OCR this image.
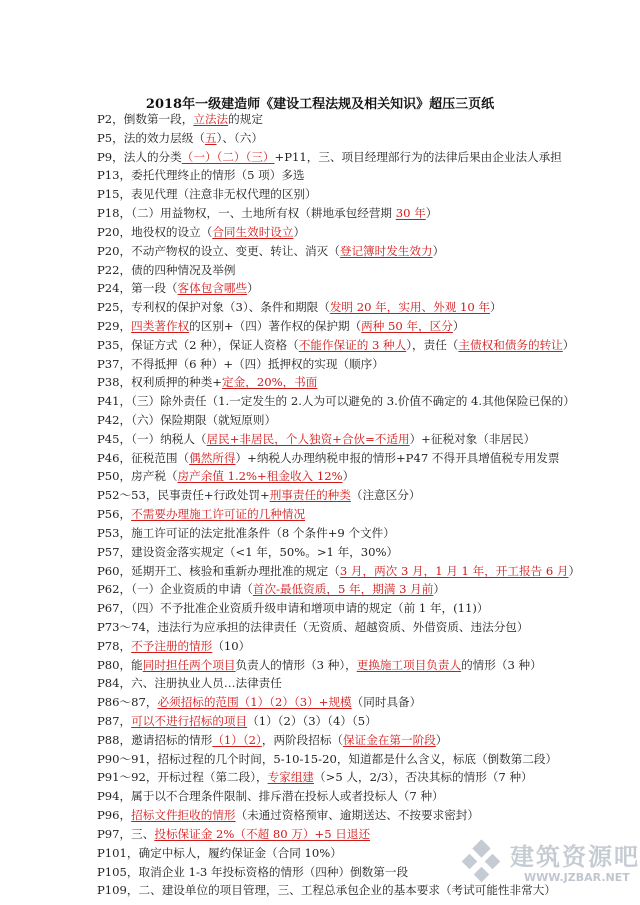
2018年一级建造师《建设工程法规及相关知识》超压三页纸
P2，倒数第一段，立法法的规定
P5，法的效力层级（五）、（六）
P9，法人的分类（一）（二）（三）+P11，三、项目经理部行为的法律后果由企业法人承担
P13，委托代理终止的情形（5 项）多选
P15，表见代理（注意非无权代理的区别）
P18，（二）用益物权，一、土地所有权（耕地承包经营期 30 年）
P20，地役权的设立（合同生效时设立）
P20，不动产物权的设立、变更、转让、消灭（登记簿时发生效力）
P22，债的四种情况及举例
P24，第一段（客体包含哪些）
P25，专利权的保护对象（3）、条件和期限（发明 20 年，实用、外观 10 年）
P29，四类著作权的区别+（四）著作权的保护期（两种 50 年，区分）
P35，保证方式（2 种），保证人资格（不能作保证的 3 种人），责任（主债权和债务的转让）
P37，不得抵押（6 种）+（四）抵押权的实现（顺序）
P38，权利质押的种类+定金，20%，书面
P41，（三）除外责任（1.一定发生的 2.人为可以避免的 3.价值不确定的 4.其他保险已保的）
P42，（六）保险期限（就短原则）
P45，（一）纳税人（居民+非居民，个人独资+合伙=不适用）+征税对象（非居民）
P46，征税范围（偶然所得）+纳税人办理纳税申报的情形+P47 不得开具增值税专用发票
P50，房产税（房产余值 1.2%+租金收入 12%）
P52～53，民事责任+行政处罚+刑事责任的种类（注意区分）
P56，不需要办理施工许可证的几种情况
P53，施工许可证的法定批准条件（8 个条件+9 个文件）
P57，建设资金落实规定（<1 年，50%。>1 年，30%）
P60，延期开工、核验和重新办理批准的规定（3 月，两次 3 月，1 月 1 年，开工报告 6 月）
P62，（一）企业资质的申请（首次-最低资质，5 年，期满 3 月前）
P67，（四）不予批准企业资质升级申请和增项申请的规定（前 1 年，(11)）
P73～74，违法行为应承担的法律责任（无资质、超越资质、外借资质、违法分包）
P78，不予注册的情形（10）
P80，能同时担任两个项目负责人的情形（3 种），更换施工项目负责人的情形（3 种）
P84，六、注册执业人员…法律责任
P86～87，必须招标的范围（1）（2）（3）+规模（同时具备）
P87，可以不进行招标的项目（1）（2）（3）（4）（5）
P88，邀请招标的情形（1）（2），两阶段招标（保证金在第一阶段）
P90～91，招标过程的几个时间，5-10-15-20，知道都是什么含义，标底（倒数第二段）
P91～92，开标过程（第二段），专家组建（>5 人，2/3），否决其标的情形（7 种）
P94，属于以不合理条件限制、排斥潜在投标人或者投标人（7 种）
P96，招标文件拒收的情形（未通过资格预审、逾期送达、不按要求密封）
P97，三、投标保证金 2%（不超 80 万）+5 日退还
P101，确定中标人，履约保证金（合同 10%）
P105，取消企业 1-3 年投标资格的情形（四种）倒数第一段
P109，二、建设单位的项目管理，三、工程总承包企业的基本要求（考试可能性非常大）
建筑资源吧
WWW.JZBAR.NET
